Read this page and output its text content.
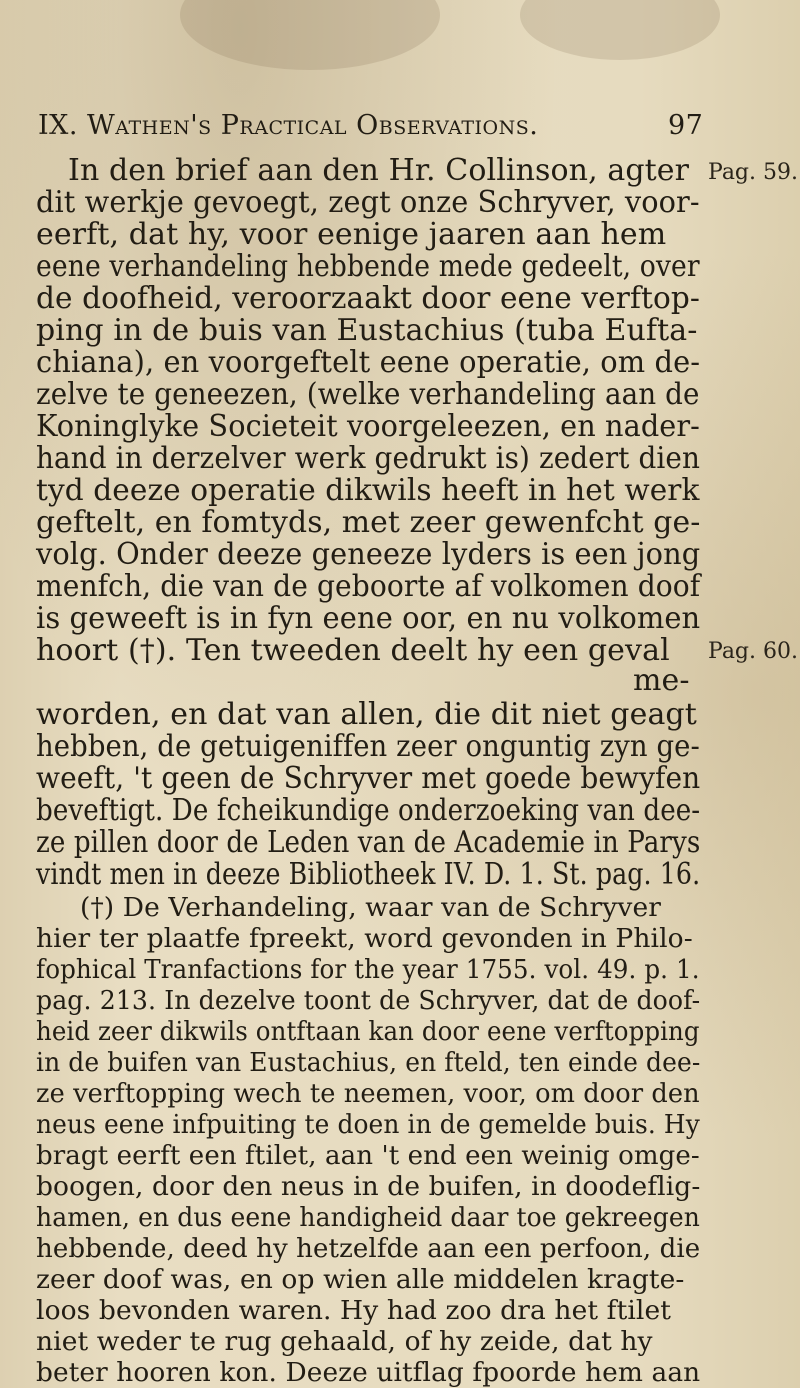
IX. Wathen's Practical Observations.	97
Pag. 59.
Pag. 60.
In den brief aan den Hr. Collinson, agter
dit werkje gevoegt, zegt onze Schryver, voor-
eerft, dat hy, voor eenige jaaren aan hem
eene verhandeling hebbende mede gedeelt, over
de doofheid, veroorzaakt door eene verftop-
ping in de buis van Eustachius (tuba Eufta-
chiana), en voorgeftelt eene operatie, om de-
zelve te geneezen, (welke verhandeling aan de
Koninglyke Societeit voorgeleezen, en nader-
hand in derzelver werk gedrukt is) zedert dien
tyd deeze operatie dikwils heeft in het werk
geftelt, en fomtyds, met zeer gewenfcht ge-
volg. Onder deeze geneeze lyders is een jong
menfch, die van de geboorte af volkomen doof
is geweeft is in fyn eene oor, en nu volkomen
hoort (†). Ten tweeden deelt hy een geval
me-
worden, en dat van allen, die dit niet geagt
hebben, de getuigeniffen zeer onguntig zyn ge-
weeft, 't geen de Schryver met goede bewyfen
beveftigt. De fcheikundige onderzoeking van dee-
ze pillen door de Leden van de Academie in Parys
vindt men in deeze Bibliotheek IV. D. 1. St. pag. 16.
(†) De Verhandeling, waar van de Schryver
hier ter plaatfe fpreekt, word gevonden in Philo-
fophical Tranfactions for the year 1755. vol. 49. p. 1.
pag. 213. In dezelve toont de Schryver, dat de doof-
heid zeer dikwils ontftaan kan door eene verftopping
in de buifen van Eustachius, en fteld, ten einde dee-
ze verftopping wech te neemen, voor, om door den
neus eene infpuiting te doen in de gemelde buis. Hy
bragt eerft een ftilet, aan 't end een weinig omge-
boogen, door den neus in de buifen, in doodeflig-
hamen, en dus eene handigheid daar toe gekreegen
hebbende, deed hy hetzelfde aan een perfoon, die
zeer doof was, en op wien alle middelen kragte-
loos bevonden waren. Hy had zoo dra het ftilet
niet weder te rug gehaald, of hy zeide, dat hy
beter hooren kon. Deeze uitflag fpoorde hem aan
